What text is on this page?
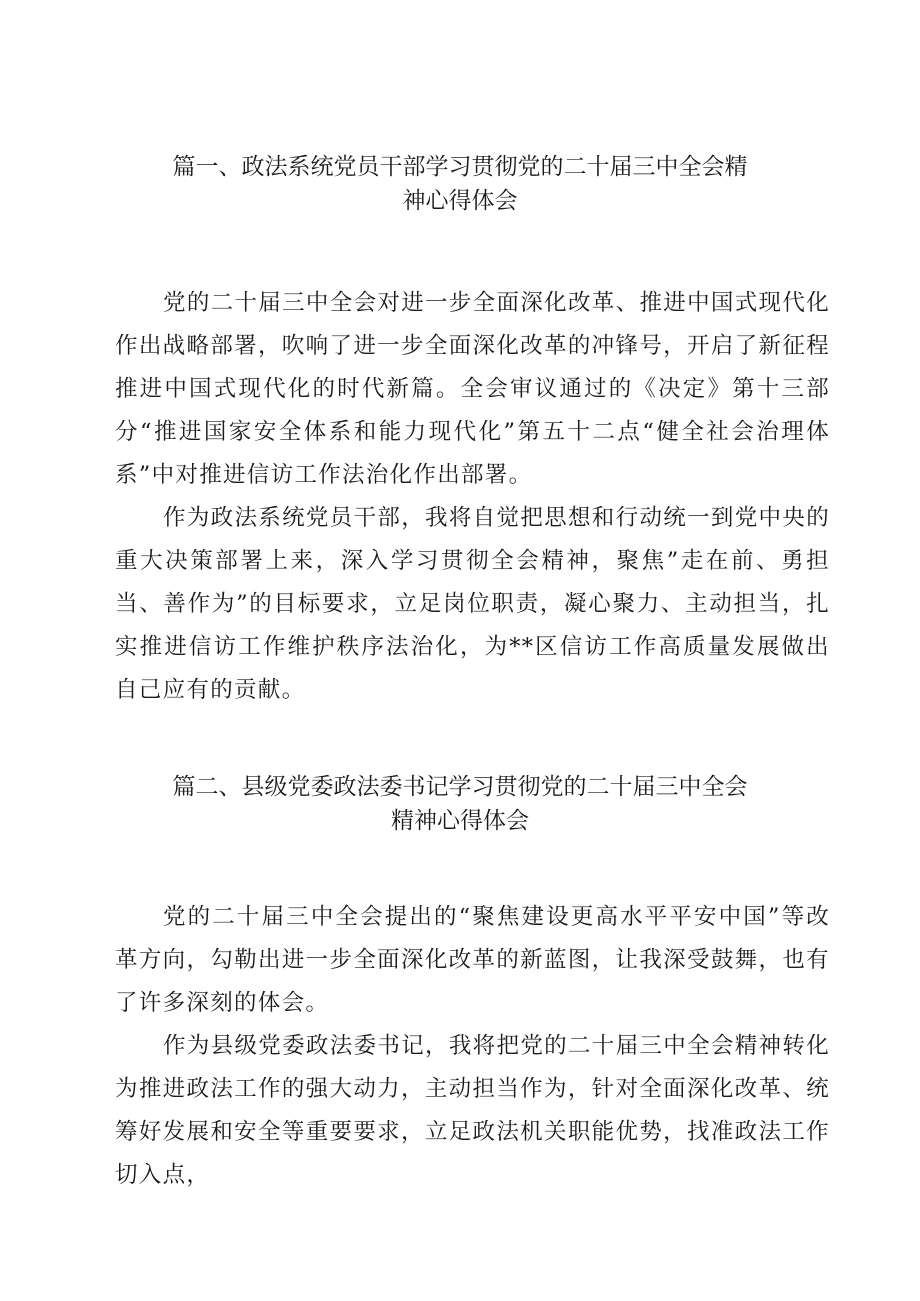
篇一、政法系统党员干部学习贯彻党的二十届三中全会精
神心得体会

党的二十届三中全会对进一步全面深化改革、推进中国式现代化作出战略部署，吹响了进一步全面深化改革的冲锋号，开启了新征程推进中国式现代化的时代新篇。全会审议通过的《决定》第十三部分“推进国家安全体系和能力现代化”第五十二点“健全社会治理体系”中对推进信访工作法治化作出部署。

作为政法系统党员干部，我将自觉把思想和行动统一到党中央的重大决策部署上来，深入学习贯彻全会精神，聚焦”走在前、勇担当、善作为”的目标要求，立足岗位职责，凝心聚力、主动担当，扎实推进信访工作维护秩序法治化，为**区信访工作高质量发展做出自己应有的贡献。

篇二、县级党委政法委书记学习贯彻党的二十届三中全会
精神心得体会

党的二十届三中全会提出的“聚焦建设更高水平平安中国”等改革方向，勾勒出进一步全面深化改革的新蓝图，让我深受鼓舞，也有了许多深刻的体会。

作为县级党委政法委书记，我将把党的二十届三中全会精神转化为推进政法工作的强大动力，主动担当作为，针对全面深化改革、统筹好发展和安全等重要要求，立足政法机关职能优势，找准政法工作切入点，
